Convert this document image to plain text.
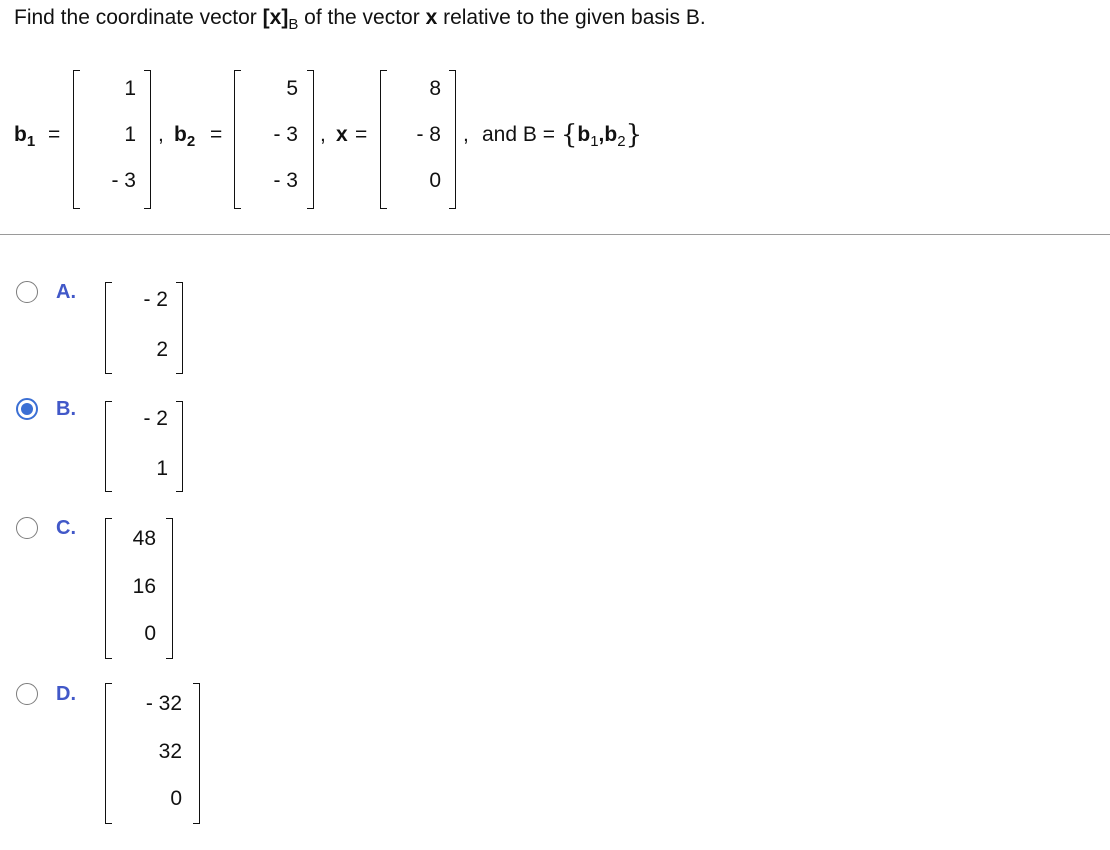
Find the coordinate vector $[x]_B$ of the vector x relative to the given basis B.
$b_1$ =
1
1
- 3
, $b_2$ =
5
- 3
- 3
, x =
8
- 8
0
, and $B = \{b_1,b_2\}$
A.	- 2
2
B.	- 2
1
C.	48
16
0
D.	- 32
32
0
